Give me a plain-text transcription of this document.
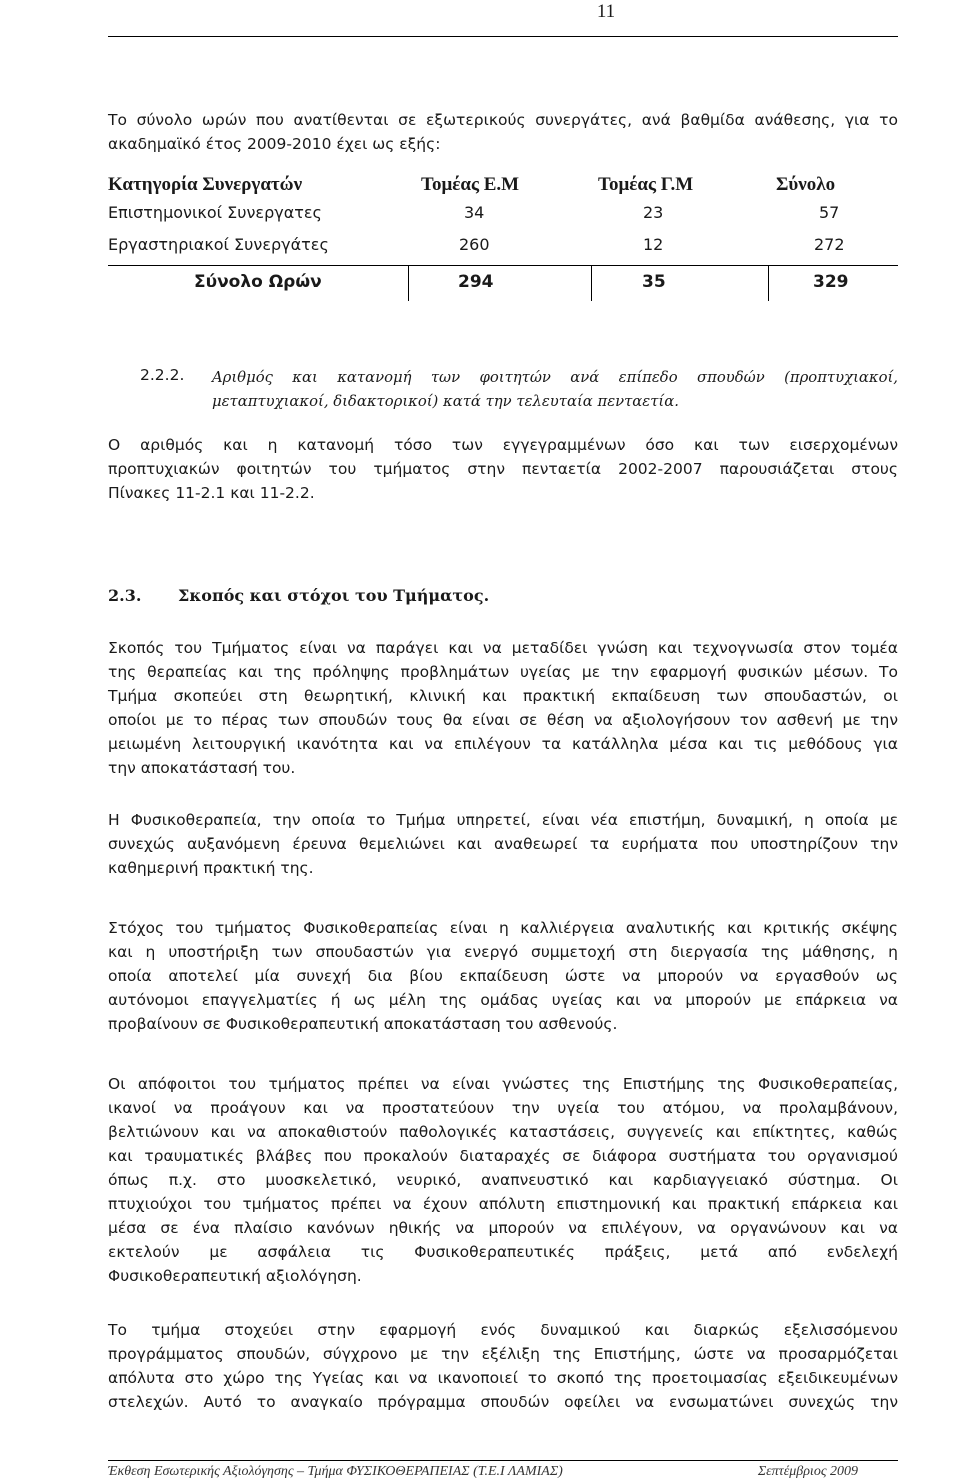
11
Το σύνολο ωρών που ανατίθενται σε εξωτερικούς συνεργάτες, ανά βαθμίδα ανάθεσης, για το
ακαδημαϊκό έτος 2009-2010 έχει ως εξής:
Κατηγορία Συνεργατών	Τομέας Ε.Μ	Τομέας Γ.Μ	Σύνολο
Επιστημονικοί Συνεργατες	34	23	57
Εργαστηριακοί Συνεργάτες	260	12	272
Σύνολο Ωρών	294	35	329
2.2.2. Αριθμός και κατανομή των φοιτητών ανά επίπεδο σπουδών (προπτυχιακοί,
μεταπτυχιακοί, διδακτορικοί) κατά την τελευταία πενταετία.
Ο αριθμός και η κατανομή τόσο των εγγεγραμμένων όσο και των εισερχομένων
προπτυχιακών φοιτητών του τμήματος στην πενταετία 2002-2007 παρουσιάζεται στους
Πίνακες 11-2.1 και 11-2.2.
2.3. Σκοπός και στόχοι του Τμήματος.
Σκοπός του Τμήματος είναι να παράγει και να μεταδίδει γνώση και τεχνογνωσία στον τομέα
της θεραπείας και της πρόληψης προβλημάτων υγείας με την εφαρμογή φυσικών μέσων. Το
Τμήμα σκοπεύει στη θεωρητική, κλινική και πρακτική εκπαίδευση των σπουδαστών, οι
οποίοι με το πέρας των σπουδών τους θα είναι σε θέση να αξιολογήσουν τον ασθενή με την
μειωμένη λειτουργική ικανότητα και να επιλέγουν τα κατάλληλα μέσα και τις μεθόδους για
την αποκατάστασή του.
Η Φυσικοθεραπεία, την οποία το Τμήμα υπηρετεί, είναι νέα επιστήμη, δυναμική, η οποία με
συνεχώς αυξανόμενη έρευνα θεμελιώνει και αναθεωρεί τα ευρήματα που υποστηρίζουν την
καθημερινή πρακτική της.
Στόχος του τμήματος Φυσικοθεραπείας είναι η καλλιέργεια αναλυτικής και κριτικής σκέψης
και η υποστήριξη των σπουδαστών για ενεργό συμμετοχή στη διεργασία της μάθησης, η
οποία αποτελεί μία συνεχή δια βίου εκπαίδευση ώστε να μπορούν να εργασθούν ως
αυτόνομοι επαγγελματίες ή ως μέλη της ομάδας υγείας και να μπορούν με επάρκεια να
προβαίνουν σε Φυσικοθεραπευτική αποκατάσταση του ασθενούς.
Οι απόφοιτοι του τμήματος πρέπει να είναι γνώστες της Επιστήμης της Φυσικοθεραπείας,
ικανοί να προάγουν και να προστατεύουν την υγεία του ατόμου, να προλαμβάνουν,
βελτιώνουν και να αποκαθιστούν παθολογικές καταστάσεις, συγγενείς και επίκτητες, καθώς
και τραυματικές βλάβες που προκαλούν διαταραχές σε διάφορα συστήματα του οργανισμού
όπως π.χ. στο μυοσκελετικό, νευρικό, αναπνευστικό και καρδιαγγειακό σύστημα. Οι
πτυχιούχοι του τμήματος πρέπει να έχουν απόλυτη επιστημονική και πρακτική επάρκεια και
μέσα σε ένα πλαίσιο κανόνων ηθικής να μπορούν να επιλέγουν, να οργανώνουν και να
εκτελούν με ασφάλεια τις Φυσικοθεραπευτικές πράξεις, μετά από ενδελεχή
Φυσικοθεραπευτική αξιολόγηση.
Το τμήμα στοχεύει στην εφαρμογή ενός δυναμικού και διαρκώς εξελισσόμενου
προγράμματος σπουδών, σύγχρονο με την εξέλιξη της Επιστήμης, ώστε να προσαρμόζεται
απόλυτα στο χώρο της Υγείας και να ικανοποιεί το σκοπό της προετοιμασίας εξειδικευμένων
στελεχών. Αυτό το αναγκαίο πρόγραμμα σπουδών οφείλει να ενσωματώνει συνεχώς την
Έκθεση Εσωτερικής Αξιολόγησης – Τμήμα ΦΥΣΙΚΟΘΕΡΑΠΕΙΑΣ (Τ.Ε.Ι ΛΑΜΙΑΣ)	Σεπτέμβριος 2009
